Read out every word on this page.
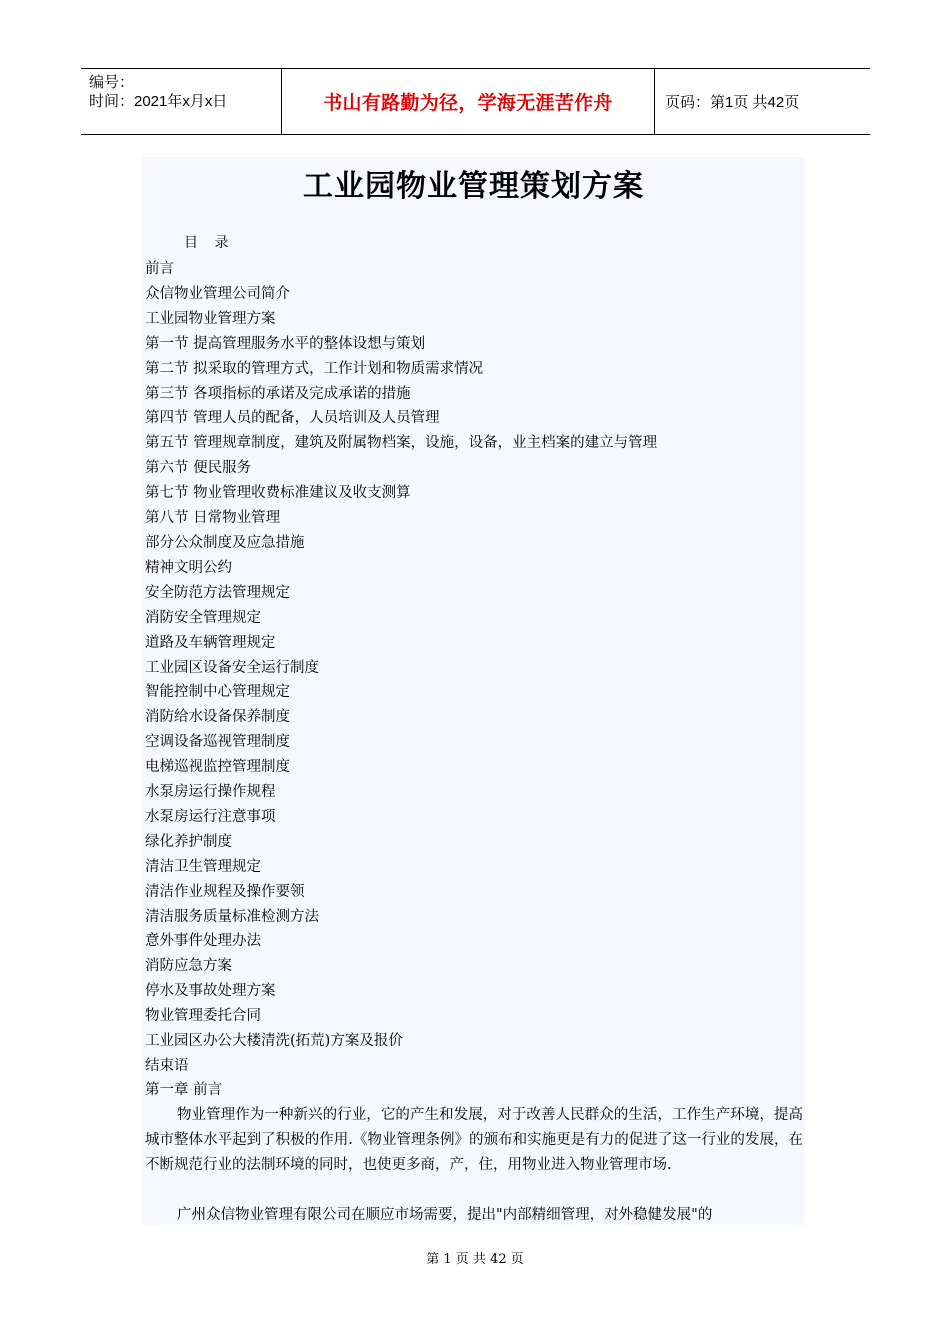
编号：
时间：2021年x月x日	书山有路勤为径，学海无涯苦作舟	页码：第1页 共42页
工业园物业管理策划方案
目 录
前言
众信物业管理公司简介
工业园物业管理方案
第一节 提高管理服务水平的整体设想与策划
第二节 拟采取的管理方式，工作计划和物质需求情况
第三节 各项指标的承诺及完成承诺的措施
第四节 管理人员的配备，人员培训及人员管理
第五节 管理规章制度，建筑及附属物档案，设施，设备，业主档案的建立与管理
第六节 便民服务
第七节 物业管理收费标准建议及收支测算
第八节 日常物业管理
部分公众制度及应急措施
精神文明公约
安全防范方法管理规定
消防安全管理规定
道路及车辆管理规定
工业园区设备安全运行制度
智能控制中心管理规定
消防给水设备保养制度
空调设备巡视管理制度
电梯巡视监控管理制度
水泵房运行操作规程
水泵房运行注意事项
绿化养护制度
清洁卫生管理规定
清洁作业规程及操作要领
清洁服务质量标准检测方法
意外事件处理办法
消防应急方案
停水及事故处理方案
物业管理委托合同
工业园区办公大楼清洗(拓荒)方案及报价
结束语
第一章 前言

物业管理作为一种新兴的行业，它的产生和发展，对于改善人民群众的生活，工作生产环境，提高城市整体水平起到了积极的作用.《物业管理条例》的颁布和实施更是有力的促进了这一行业的发展，在不断规范行业的法制环境的同时，也使更多商，产，住，用物业进入物业管理市场.

广州众信物业管理有限公司在顺应市场需要，提出"内部精细管理，对外稳健发展"的

第 1 页 共 42 页
